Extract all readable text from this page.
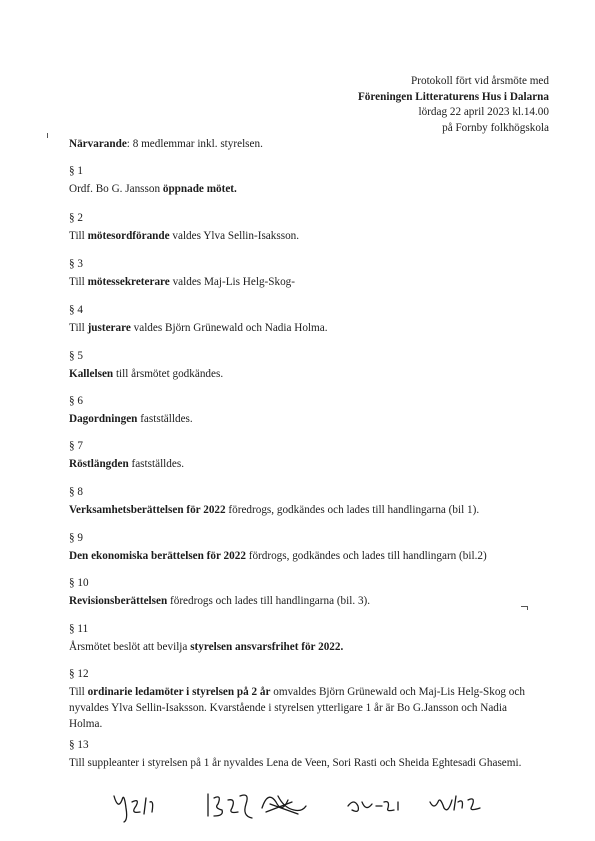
Protokoll fört vid årsmöte med
Föreningen Litteraturens Hus i Dalarna
lördag 22 april 2023 kl.14.00
på Fornby folkhögskola
Närvarande: 8 medlemmar inkl. styrelsen.
§ 1
Ordf. Bo G. Jansson öppnade mötet.
§ 2
Till mötesordförande valdes Ylva Sellin-Isaksson.
§ 3
Till mötessekreterare valdes Maj-Lis Helg-Skog-
§ 4
Till justerare valdes Björn Grünewald och Nadia Holma.
§ 5
Kallelsen till årsmötet godkändes.
§ 6
Dagordningen fastställdes.
§ 7
Röstlängden fastställdes.
§ 8
Verksamhetsberättelsen för 2022 föredrogs, godkändes och lades till handlingarna (bil 1).
§ 9
Den ekonomiska berättelsen för 2022 fördrogs, godkändes och lades till handlingarn (bil.2)
§ 10
Revisionsberättelsen föredrogs och lades till handlingarna (bil. 3).
§ 11
Årsmötet beslöt att bevilja styrelsen ansvarsfrihet för 2022.
§ 12
Till ordinarie ledamöter i styrelsen på 2 år omvaldes Björn Grünewald och Maj-Lis Helg-Skog och nyvaldes Ylva Sellin-Isaksson. Kvarstående i styrelsen ytterligare 1 år är Bo G.Jansson och Nadia Holma.
§ 13
Till suppleanter i styrelsen på 1 år nyvaldes Lena de Veen, Sori Rasti och Sheida Eghtesadi Ghasemi.
